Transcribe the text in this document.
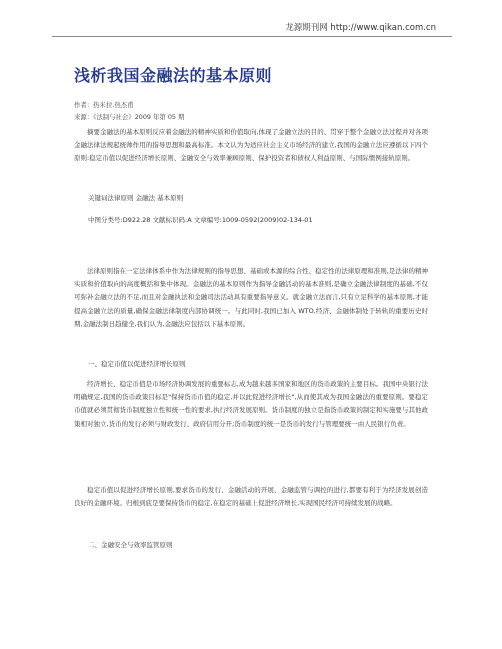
龙源期刊网 http://www.qikan.com.cn
浅析我国金融法的基本原则
作者：热米拉.热杰甫
来源：《法制与社会》2009 年第 05 期

摘要金融法的基本原则反应着金融法的精神实质和价值取向,体现了金融立法的目的、贯穿于整个金融立法过程并对各项金融法律法规起统帅作用的指导思想和最高标准。本文认为为适应社会主义市场经济的建立,我国的金融立法应遵循以下四个原则:稳定币值以促进经济增长原则、金融安全与效率兼顾原则、保护投资者和债权人利益原则、与国际惯例接轨原则。

关键词法律原则 金融法 基本原则
中图分类号:D922.28 文献标识码:A 文章编号:1009-0592(2009)02-134-01

法律原则指在一定法律体系中作为法律规则的指导思想、基础或本源的综合性、稳定性的法律原理和准则,是法律的精神实质和价值取向的高度概括和集中体现。金融法的基本原则作为指导金融活动的基本准则,是确立金融法律制度的基础,不仅可弥补金融立法的不足,而且对金融执法和金融司法活动具有重要指导意义。就金融立法而言,只有立足科学的基本原则,才能提高金融立法的质量,确保金融法律制度内部协调统一。与此同时,我国已加入 WTO,经济、金融体制处于转轨的重要历史时期,金融法制日趋健全,我们认为,金融法应包括以下基本原则。

一、稳定币值以促进经济增长原则

经济增长、稳定币值是市场经济协调发展的重要标志,成为越来越多国家和地区的货币政策的主要目标。我国中央银行法明确规定,我国的货币政策目标是"保持货币币值的稳定,并以此促进经济增长",从而使其成为我国金融法的重要原则。要稳定币值就必须贯彻货币制度独立性和统一性的要求,执行经济发展原则。货币制度的独立是指货币政策的制定和实施要与其他政策相对独立,货币的发行必须与财政发行、政府信用分开;货币制度的统一是货币的发行与管理要统一由人民银行负责。

稳定币值以促进经济增长原则,要求货币的发行、金融活动的开展、金融监管与调控的进行,都要有利于为经济发展创造良好的金融环境。归根到底是要保持货币的稳定,在稳定的基础上促进经济增长,实现国民经济可持续发展的战略。

二、金融安全与效率监管原则
